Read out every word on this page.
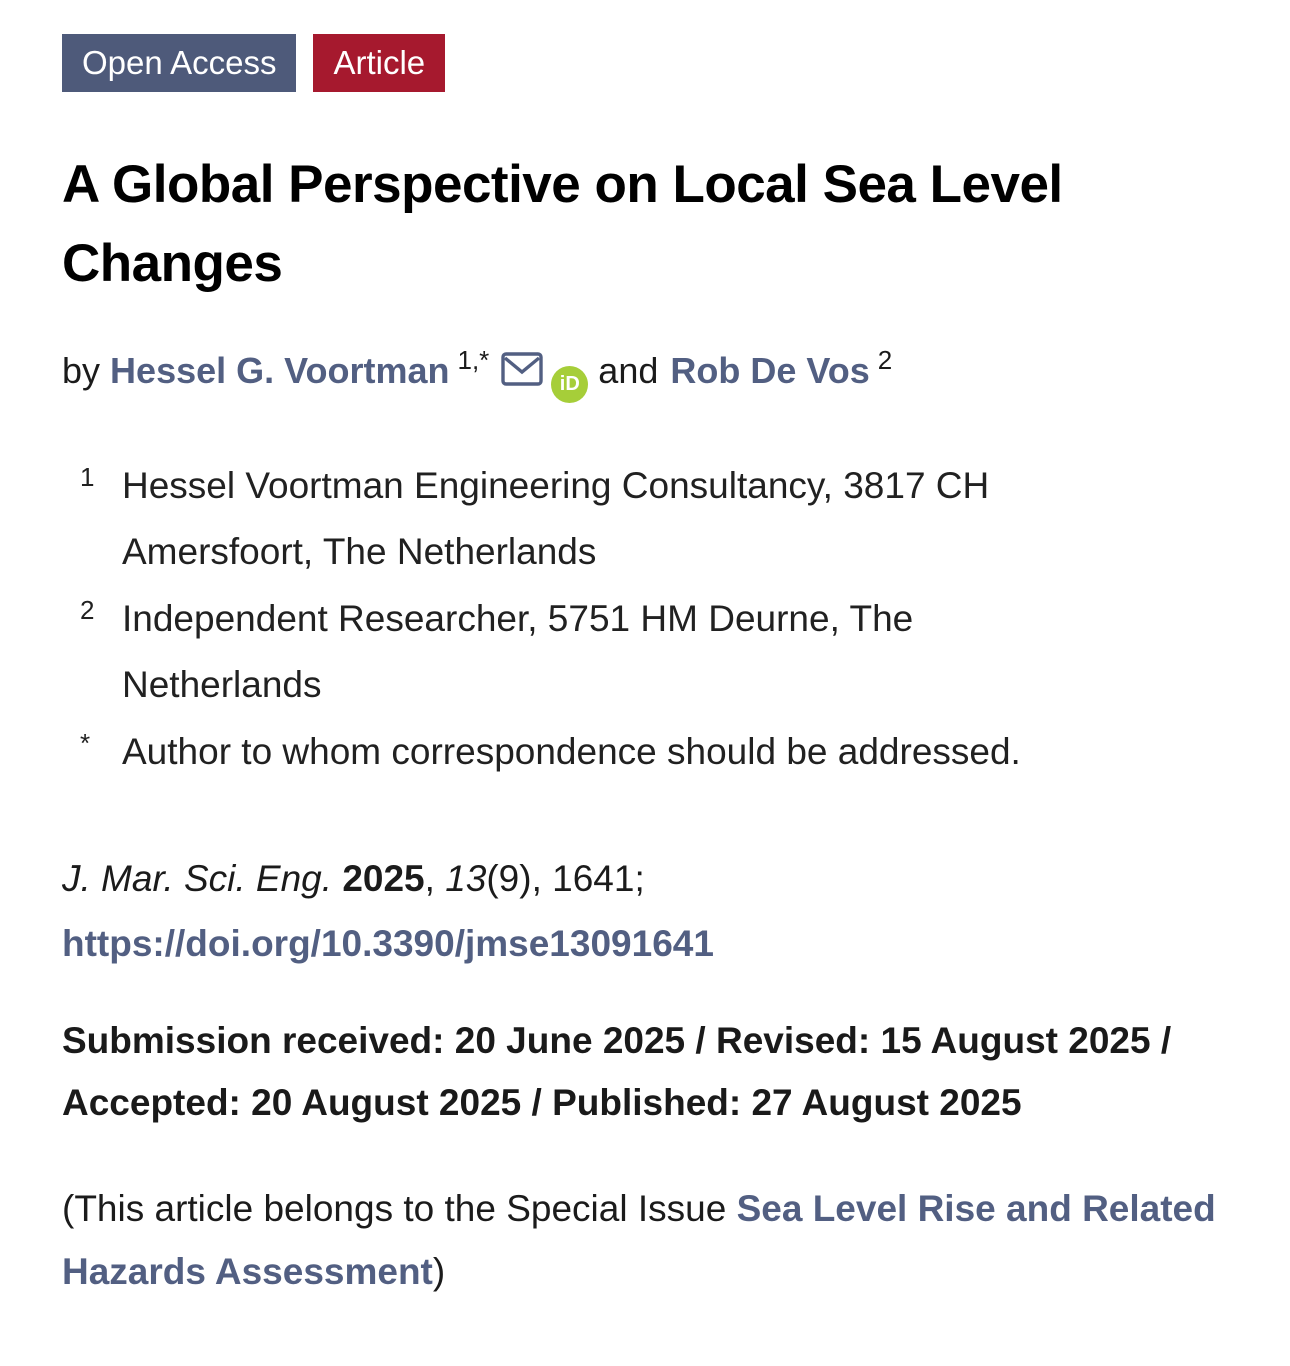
Open Access	Article
A Global Perspective on Local Sea Level Changes
by Hessel G. Voortman $^{1,*}$
iD and Rob De Vos $^2$
1 Hessel Voortman Engineering Consultancy, 3817 CH Amersfoort, The Netherlands
2 Independent Researcher, 5751 HM Deurne, The Netherlands
* Author to whom correspondence should be addressed.
J. Mar. Sci. Eng. 2025, 13(9), 1641; https://doi.org/10.3390/jmse13091641
Submission received: 20 June 2025 / Revised: 15 August 2025 / Accepted: 20 August 2025 / Published: 27 August 2025
(This article belongs to the Special Issue Sea Level Rise and Related Hazards Assessment)
